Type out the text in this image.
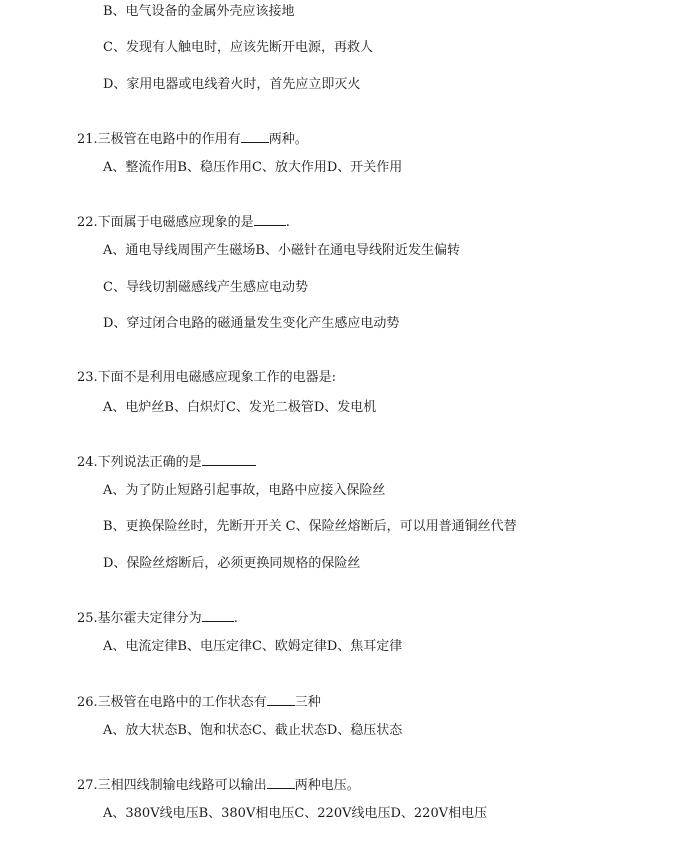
B、电气设备的金属外壳应该接地
C、发现有人触电时，应该先断开电源，再救人
D、家用电器或电线着火时，首先应立即灭火
21.三极管在电路中的作用有 两种。
A、整流作用B、稳压作用C、放大作用D、开关作用
22.下面属于电磁感应现象的是 .
A、通电导线周围产生磁场B、小磁针在通电导线附近发生偏转
C、导线切割磁感线产生感应电动势
D、穿过闭合电路的磁通量发生变化产生感应电动势
23.下面不是利用电磁感应现象工作的电器是:
A、电炉丝B、白炽灯C、发光二极管D、发电机
24.下列说法正确的是
A、为了防止短路引起事故，电路中应接入保险丝
B、更换保险丝时，先断开开关 C、保险丝熔断后，可以用普通铜丝代替
D、保险丝熔断后，必须更换同规格的保险丝
25.基尔霍夫定律分为 .
A、电流定律B、电压定律C、欧姆定律D、焦耳定律
26.三极管在电路中的工作状态有 三种
A、放大状态B、饱和状态C、截止状态D、稳压状态
27.三相四线制输电线路可以输出 两种电压。
A、380V线电压B、380V相电压C、220V线电压D、220V相电压
